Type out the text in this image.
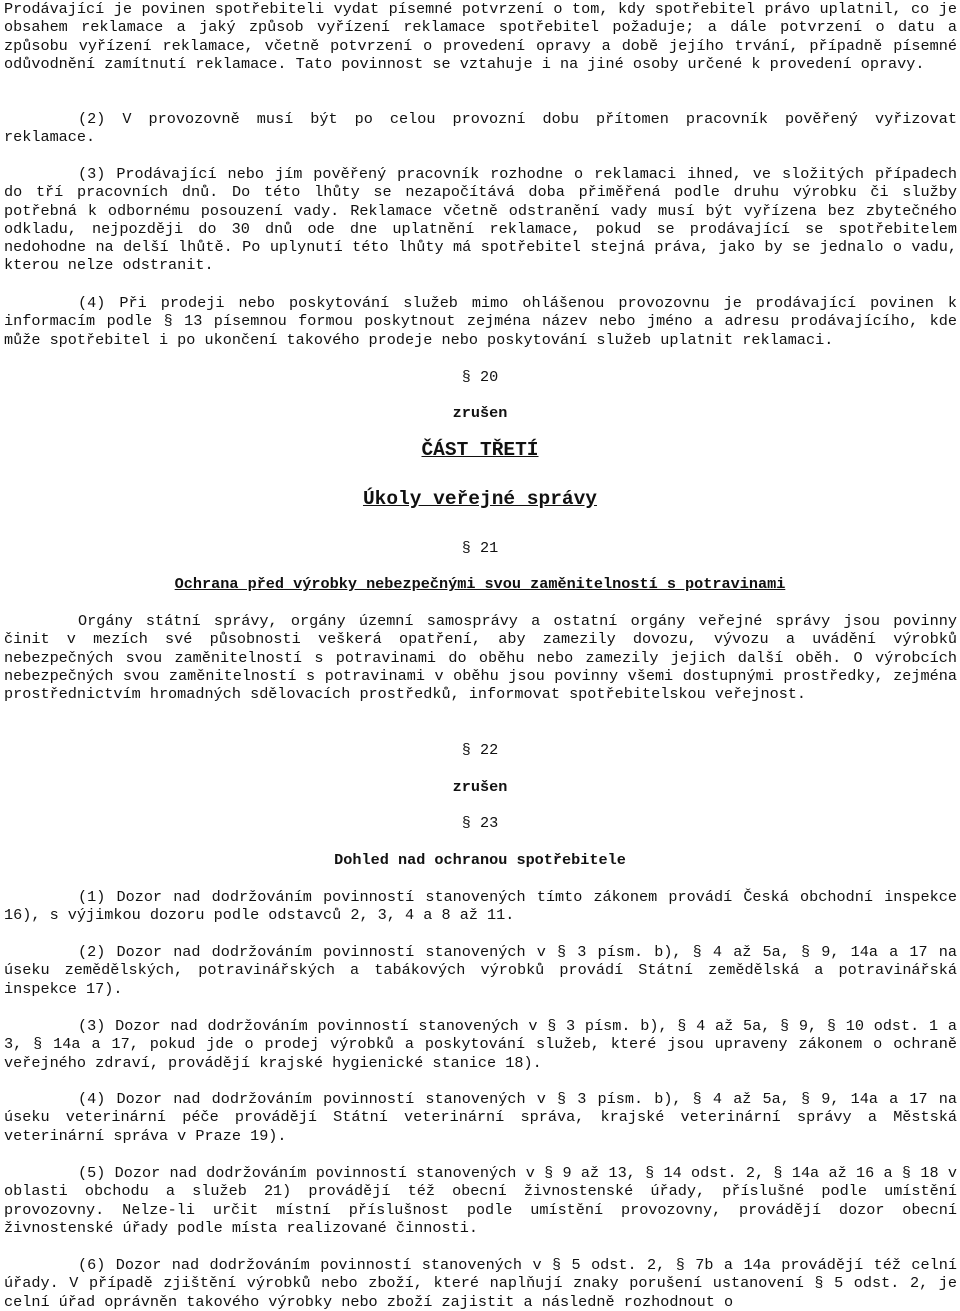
Prodávající je povinen spotřebiteli vydat písemné potvrzení o tom, kdy spotřebitel právo uplatnil, co je obsahem reklamace a jaký způsob vyřízení reklamace spotřebitel požaduje; a dále potvrzení o datu a způsobu vyřízení reklamace, včetně potvrzení o provedení opravy a době jejího trvání, případně písemné odůvodnění zamítnutí reklamace. Tato povinnost se vztahuje i na jiné osoby určené k provedení opravy.

(2) V provozovně musí být po celou provozní dobu přítomen pracovník pověřený vyřizovat reklamace.

(3) Prodávající nebo jím pověřený pracovník rozhodne o reklamaci ihned, ve složitých případech do tří pracovních dnů. Do této lhůty se nezapočítává doba přiměřená podle druhu výrobku či služby potřebná k odbornému posouzení vady. Reklamace včetně odstranění vady musí být vyřízena bez zbytečného odkladu, nejpozději do 30 dnů ode dne uplatnění reklamace, pokud se prodávající se spotřebitelem nedohodne na delší lhůtě. Po uplynutí této lhůty má spotřebitel stejná práva, jako by se jednalo o vadu, kterou nelze odstranit.

(4) Při prodeji nebo poskytování služeb mimo ohlášenou provozovnu je prodávající povinen k informacím podle § 13 písemnou formou poskytnout zejména název nebo jméno a adresu prodávajícího, kde může spotřebitel i po ukončení takového prodeje nebo poskytování služeb uplatnit reklamaci.

§ 20
zrušen
ČÁST TŘETÍ
Úkoly veřejné správy
§ 21
Ochrana před výrobky nebezpečnými svou zaměnitelností s potravinami

Orgány státní správy, orgány územní samosprávy a ostatní orgány veřejné správy jsou povinny činit v mezích své působnosti veškerá opatření, aby zamezily dovozu, vývozu a uvádění výrobků nebezpečných svou zaměnitelností s potravinami do oběhu nebo zamezily jejich další oběh. O výrobcích nebezpečných svou zaměnitelností s potravinami v oběhu jsou povinny všemi dostupnými prostředky, zejména prostřednictvím hromadných sdělovacích prostředků, informovat spotřebitelskou veřejnost.

§ 22
zrušen
§ 23
Dohled nad ochranou spotřebitele

(1) Dozor nad dodržováním povinností stanovených tímto zákonem provádí Česká obchodní inspekce 16), s výjimkou dozoru podle odstavců 2, 3, 4 a 8 až 11.

(2) Dozor nad dodržováním povinností stanovených v § 3 písm. b), § 4 až 5a, § 9, 14a a 17 na úseku zemědělských, potravinářských a tabákových výrobků provádí Státní zemědělská a potravinářská inspekce 17).

(3) Dozor nad dodržováním povinností stanovených v § 3 písm. b), § 4 až 5a, § 9, § 10 odst. 1 a 3, § 14a a 17, pokud jde o prodej výrobků a poskytování služeb, které jsou upraveny zákonem o ochraně veřejného zdraví, provádějí krajské hygienické stanice 18).

(4) Dozor nad dodržováním povinností stanovených v § 3 písm. b), § 4 až 5a, § 9, 14a a 17 na úseku veterinární péče provádějí Státní veterinární správa, krajské veterinární správy a Městská veterinární správa v Praze 19).

(5) Dozor nad dodržováním povinností stanovených v § 9 až 13, § 14 odst. 2, § 14a až 16 a § 18 v oblasti obchodu a služeb 21) provádějí též obecní živnostenské úřady, příslušné podle umístění provozovny. Nelze-li určit místní příslušnost podle umístění provozovny, provádějí dozor obecní živnostenské úřady podle místa realizované činnosti.

(6) Dozor nad dodržováním povinností stanovených v § 5 odst. 2, § 7b a 14a provádějí též celní úřady. V případě zjištění výrobků nebo zboží, které naplňují znaky porušení ustanovení § 5 odst. 2, je celní úřad oprávněn takového výrobky nebo zboží zajistit a následně rozhodnout o
